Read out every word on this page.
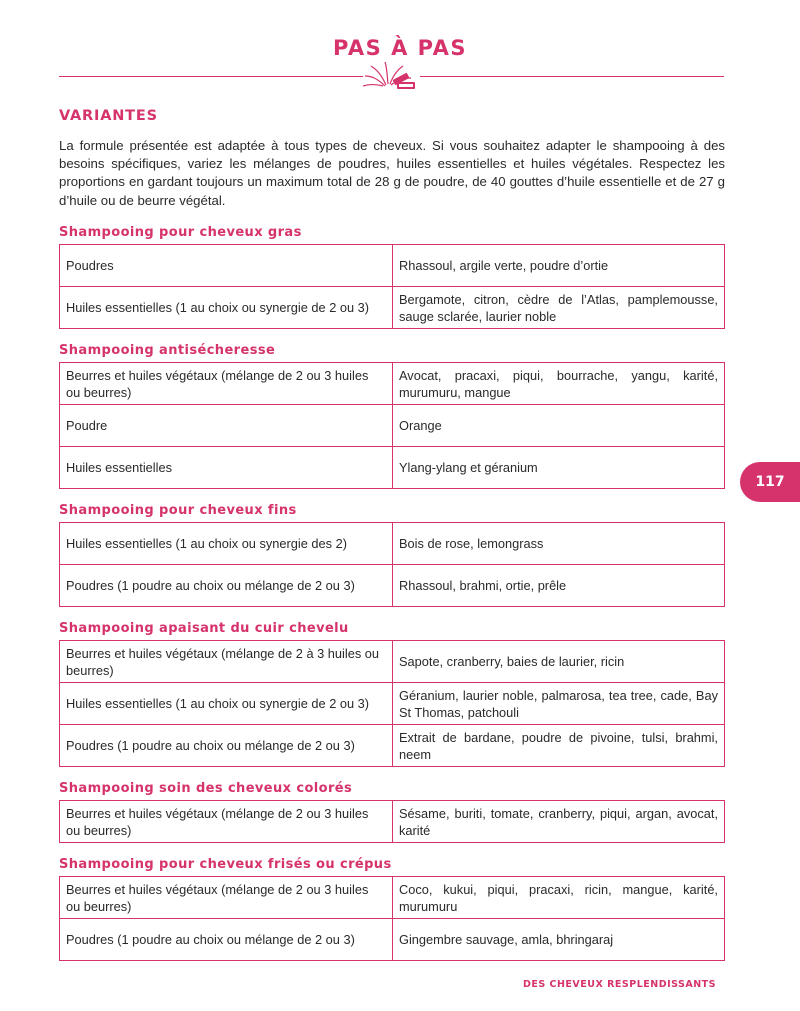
PAS À PAS
VARIANTES
La formule présentée est adaptée à tous types de cheveux. Si vous souhaitez adapter le shampooing à des besoins spécifiques, variez les mélanges de poudres, huiles essentielles et huiles végétales. Respectez les proportions en gardant toujours un maximum total de 28 g de poudre, de 40 gouttes d’huile essentielle et de 27 g d’huile ou de beurre végétal.
Shampooing pour cheveux gras
Poudres	Rhassoul, argile verte, poudre d’ortie
Huiles essentielles (1 au choix ou synergie de 2 ou 3)	Bergamote, citron, cèdre de l’Atlas, pamplemousse, sauge sclarée, laurier noble
Shampooing antisécheresse
Beurres et huiles végétaux (mélange de 2 ou 3 huiles ou beurres)	Avocat, pracaxi, piqui, bourrache, yangu, karité, murumuru, mangue
Poudre	Orange
Huiles essentielles	Ylang-ylang et géranium
Shampooing pour cheveux fins
Huiles essentielles (1 au choix ou synergie des 2)	Bois de rose, lemongrass
Poudres (1 poudre au choix ou mélange de 2 ou 3)	Rhassoul, brahmi, ortie, prêle
Shampooing apaisant du cuir chevelu
Beurres et huiles végétaux (mélange de 2 à 3 huiles ou beurres)	Sapote, cranberry, baies de laurier, ricin
Huiles essentielles (1 au choix ou synergie de 2 ou 3)	Géranium, laurier noble, palmarosa, tea tree, cade, Bay St Thomas, patchouli
Poudres (1 poudre au choix ou mélange de 2 ou 3)	Extrait de bardane, poudre de pivoine, tulsi, brahmi, neem
Shampooing soin des cheveux colorés
Beurres et huiles végétaux (mélange de 2 ou 3 huiles ou beurres)	Sésame, buriti, tomate, cranberry, piqui, argan, avocat, karité
Shampooing pour cheveux frisés ou crépus
Beurres et huiles végétaux (mélange de 2 ou 3 huiles ou beurres)	Coco, kukui, piqui, pracaxi, ricin, mangue, karité, murumuru
Poudres (1 poudre au choix ou mélange de 2 ou 3)	Gingembre sauvage, amla, bhringaraj
117
DES CHEVEUX RESPLENDISSANTS
